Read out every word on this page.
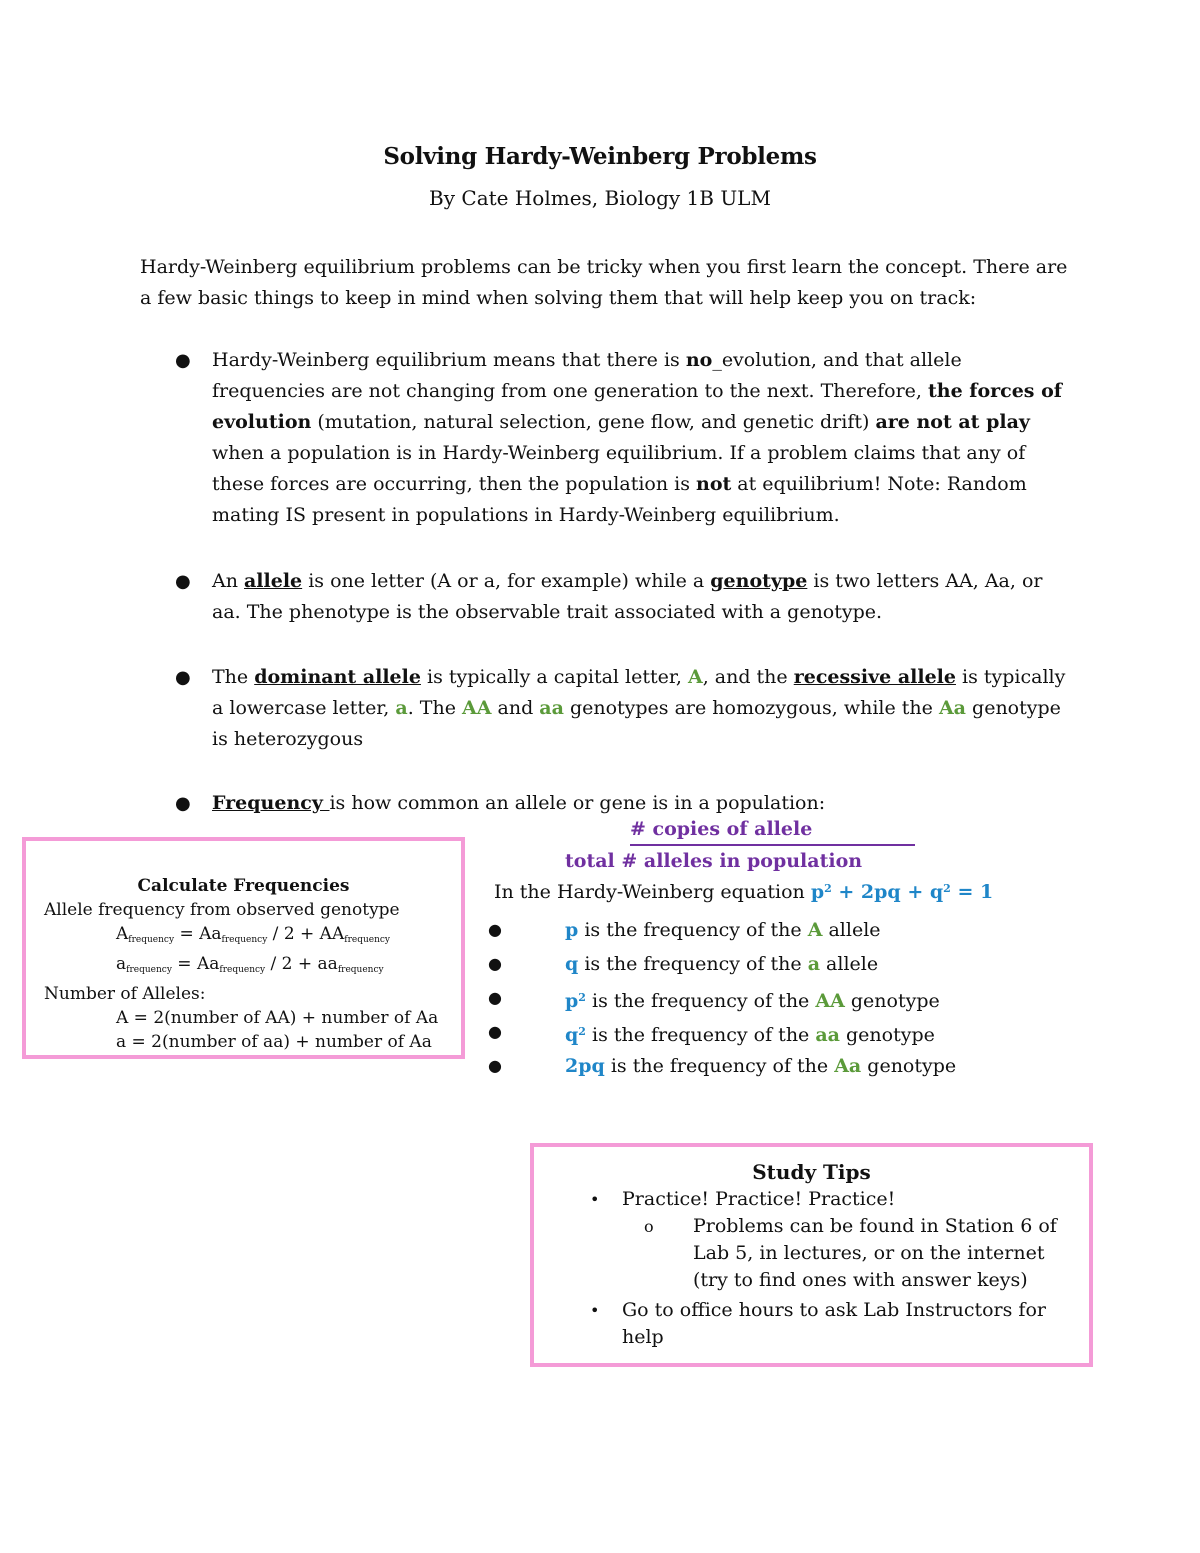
Solving Hardy-Weinberg Problems
By Cate Holmes, Biology 1B ULM
Hardy-Weinberg equilibrium problems can be tricky when you first learn the concept. There are a few basic things to keep in mind when solving them that will help keep you on track:
● Hardy-Weinberg equilibrium means that there is no_evolution, and that allele frequencies are not changing from one generation to the next. Therefore, the forces of evolution (mutation, natural selection, gene flow, and genetic drift) are not at play when a population is in Hardy-Weinberg equilibrium. If a problem claims that any of these forces are occurring, then the population is not at equilibrium! Note: Random mating IS present in populations in Hardy-Weinberg equilibrium.
● An allele is one letter (A or a, for example) while a genotype is two letters AA, Aa, or aa. The phenotype is the observable trait associated with a genotype.
● The dominant allele is typically a capital letter, A, and the recessive allele is typically a lowercase letter, a. The AA and aa genotypes are homozygous, while the Aa genotype is heterozygous
● Frequency is how common an allele or gene is in a population:
# copies of allele
total # alleles in population
In the Hardy-Weinberg equation $p^2 + 2pq + q^2 = 1$
●	p is the frequency of the A allele
●	q is the frequency of the a allele
●	$p^2$ is the frequency of the AA genotype
●	$q^2$ is the frequency of the aa genotype
●	2pq is the frequency of the Aa genotype
Calculate Frequencies
Allele frequency from observed genotype
$A_{frequency} = Aa_{frequency} / 2 + AA_{frequency}$
$a_{frequency} = Aa_{frequency} / 2 + aa_{frequency}$
Number of Alleles:
A = 2(number of AA) + number of Aa
a = 2(number of aa) + number of Aa
Study Tips
• Practice! Practice! Practice!
o Problems can be found in Station 6 of Lab 5, in lectures, or on the internet (try to find ones with answer keys)
• Go to office hours to ask Lab Instructors for help
